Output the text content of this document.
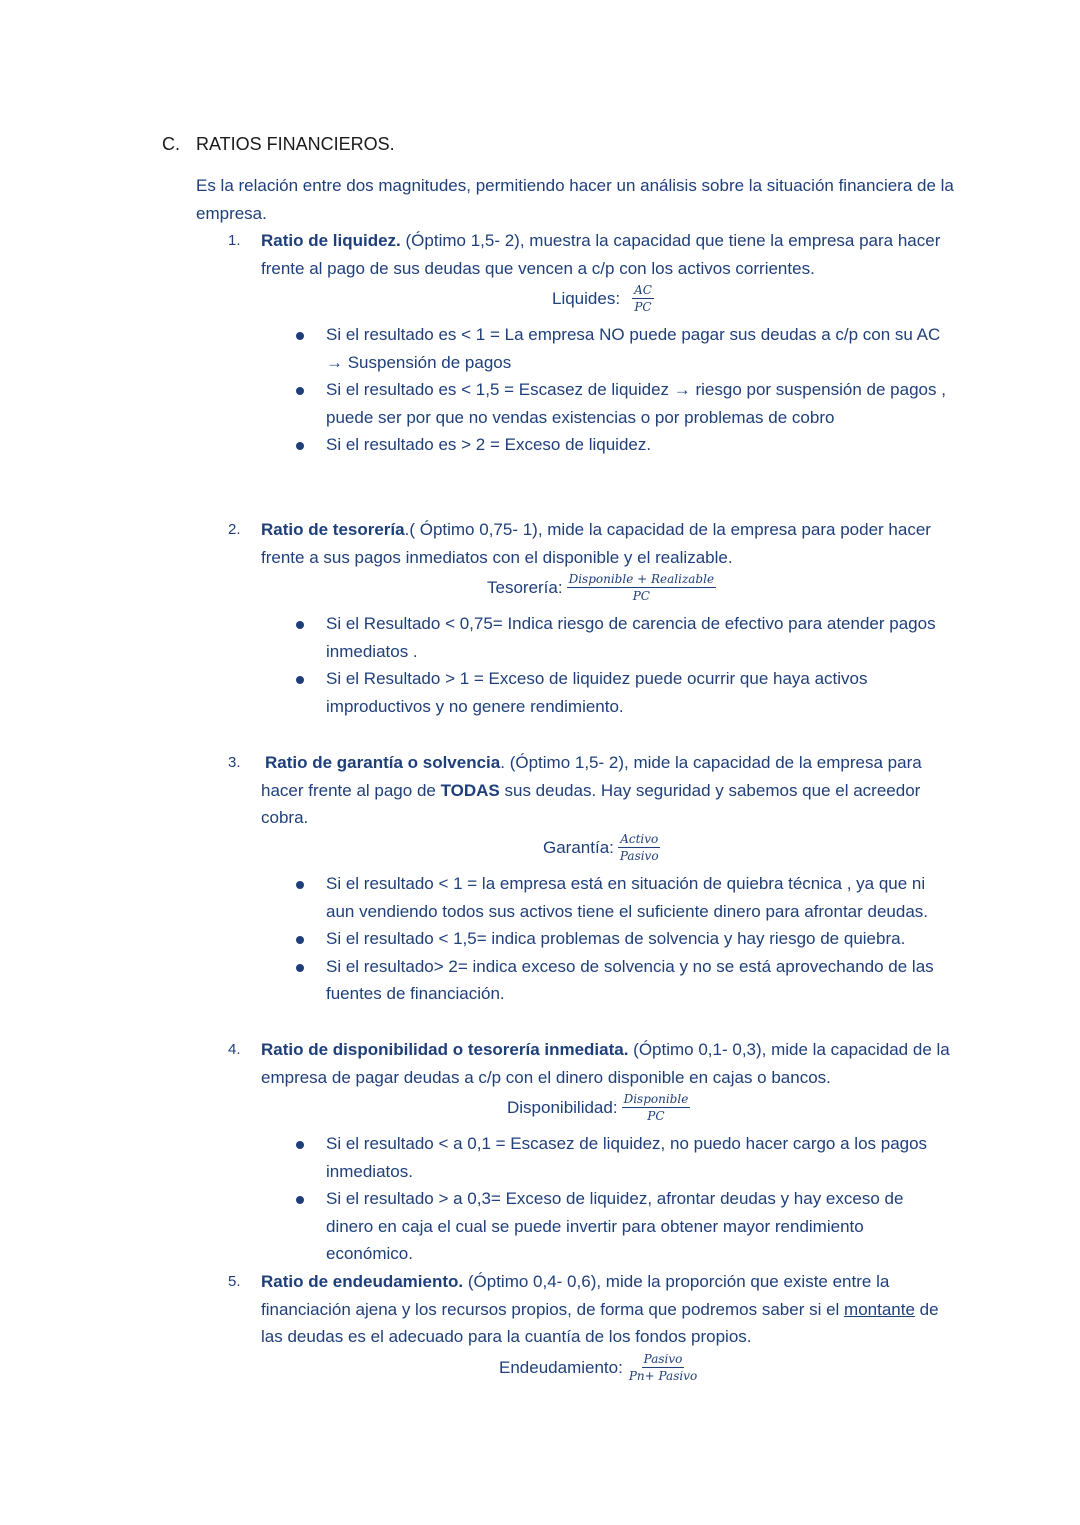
C. RATIOS FINANCIEROS.
Es la relación entre dos magnitudes, permitiendo hacer un análisis sobre la situación financiera de la empresa.
1. Ratio de liquidez. (Óptimo 1,5- 2), muestra la capacidad que tiene la empresa para hacer frente al pago de sus deudas que vencen a c/p con los activos corrientes.
Liquides: $\frac{AC}{PC}$
Si el resultado es < 1 = La empresa NO puede pagar sus deudas a c/p con su AC → Suspensión de pagos
Si el resultado es < 1,5 = Escasez de liquidez → riesgo por suspensión de pagos , puede ser por que no vendas existencias o por problemas de cobro
Si el resultado es > 2 = Exceso de liquidez.
2. Ratio de tesorería.( Óptimo 0,75- 1), mide la capacidad de la empresa para poder hacer frente a sus pagos inmediatos con el disponible y el realizable.
Tesorería: $\frac{\text{Disponible + Realizable}}{PC}$
Si el Resultado < 0,75= Indica riesgo de carencia de efectivo para atender pagos inmediatos .
Si el Resultado > 1 = Exceso de liquidez puede ocurrir que haya activos improductivos y no genere rendimiento.
3. Ratio de garantía o solvencia. (Óptimo 1,5- 2), mide la capacidad de la empresa para hacer frente al pago de TODAS sus deudas. Hay seguridad y sabemos que el acreedor cobra.
Garantía: $\frac{\text{Activo}}{\text{Pasivo}}$
Si el resultado < 1 = la empresa está en situación de quiebra técnica , ya que ni aun vendiendo todos sus activos tiene el suficiente dinero para afrontar deudas.
Si el resultado < 1,5= indica problemas de solvencia y hay riesgo de quiebra.
Si el resultado> 2= indica exceso de solvencia y no se está aprovechando de las fuentes de financiación.
4. Ratio de disponibilidad o tesorería inmediata. (Óptimo 0,1- 0,3), mide la capacidad de la empresa de pagar deudas a c/p con el dinero disponible en cajas o bancos.
Disponibilidad: $\frac{\text{Disponible}}{PC}$
Si el resultado < a 0,1 = Escasez de liquidez, no puedo hacer cargo a los pagos inmediatos.
Si el resultado > a 0,3= Exceso de liquidez, afrontar deudas y hay exceso de dinero en caja el cual se puede invertir para obtener mayor rendimiento económico.
5. Ratio de endeudamiento. (Óptimo 0,4- 0,6), mide la proporción que existe entre la financiación ajena y los recursos propios, de forma que podremos saber si el montante de las deudas es el adecuado para la cuantía de los fondos propios.
Endeudamiento: $\frac{\text{Pasivo}}{\text{Pn+ Pasivo}}$
